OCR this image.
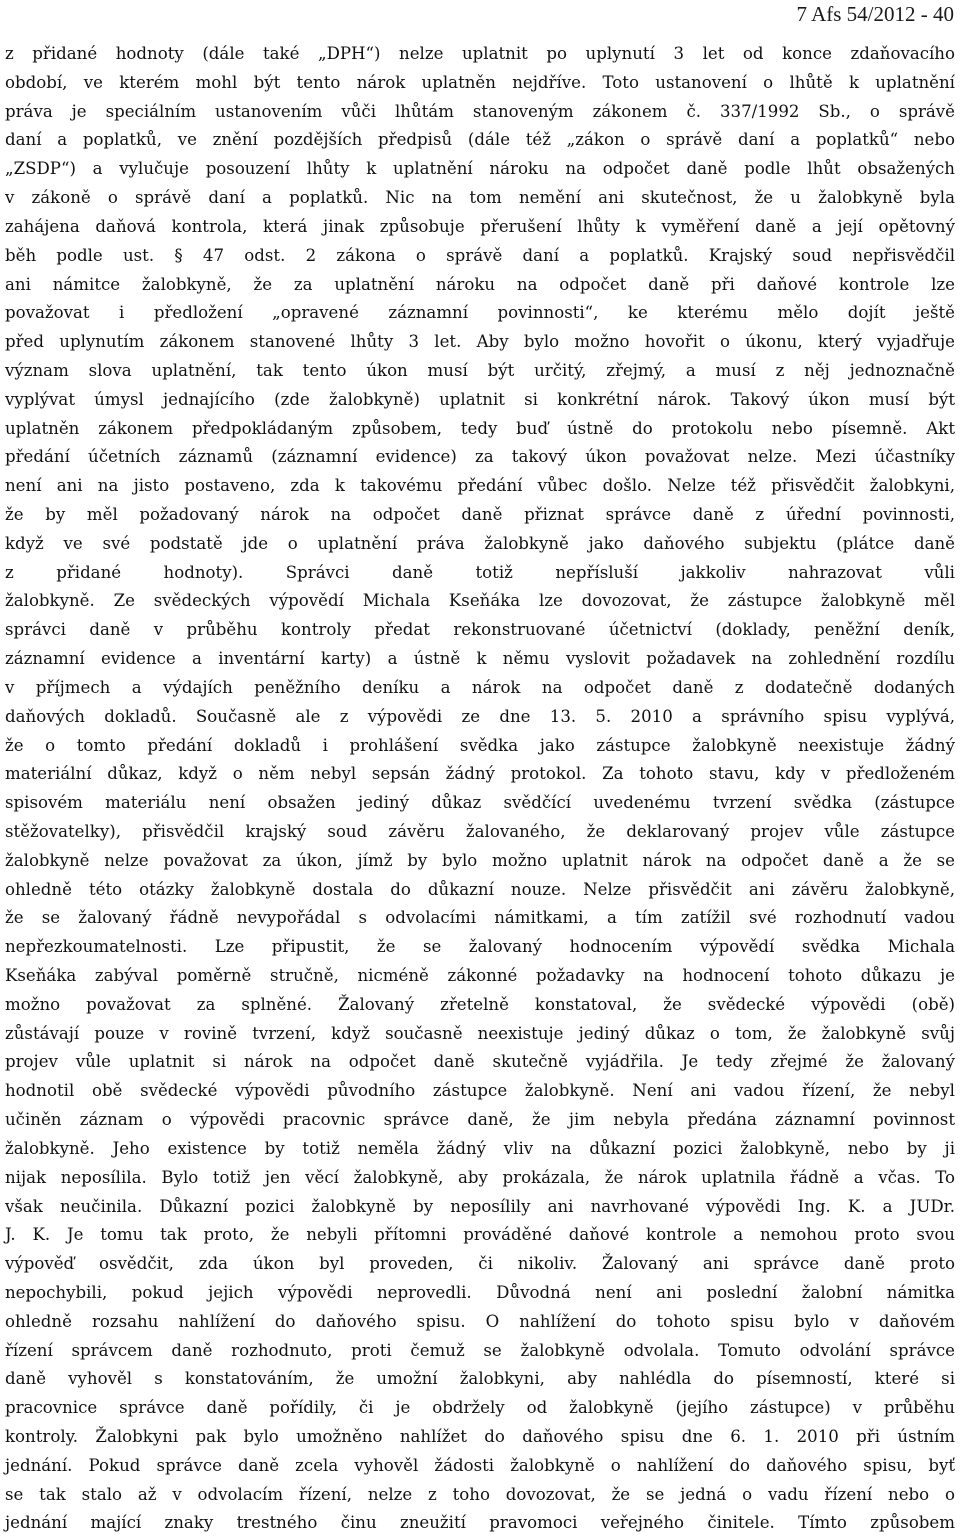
7 Afs 54/2012 - 40
z přidané hodnoty (dále také „DPH“) nelze uplatnit po uplynutí 3 let od konce zdaňovacího
období, ve kterém mohl být tento nárok uplatněn nejdříve. Toto ustanovení o lhůtě k uplatnění
práva je speciálním ustanovením vůči lhůtám stanoveným zákonem č. 337/1992 Sb., o správě
daní a poplatků, ve znění pozdějších předpisů (dále též „zákon o správě daní a poplatků“ nebo
„ZSDP“) a vylučuje posouzení lhůty k uplatnění nároku na odpočet daně podle lhůt obsažených
v zákoně o správě daní a poplatků. Nic na tom nemění ani skutečnost, že u žalobkyně byla
zahájena daňová kontrola, která jinak způsobuje přerušení lhůty k vyměření daně a její opětovný
běh podle ust. § 47 odst. 2 zákona o správě daní a poplatků. Krajský soud nepřisvědčil
ani námitce žalobkyně, že za uplatnění nároku na odpočet daně při daňové kontrole lze
považovat i předložení „opravené záznamní povinnosti“, ke kterému mělo dojít ještě
před uplynutím zákonem stanovené lhůty 3 let. Aby bylo možno hovořit o úkonu, který vyjadřuje
význam slova uplatnění, tak tento úkon musí být určitý, zřejmý, a musí z něj jednoznačně
vyplývat úmysl jednajícího (zde žalobkyně) uplatnit si konkrétní nárok. Takový úkon musí být
uplatněn zákonem předpokládaným způsobem, tedy buď ústně do protokolu nebo písemně. Akt
předání účetních záznamů (záznamní evidence) za takový úkon považovat nelze. Mezi účastníky
není ani na jisto postaveno, zda k takovému předání vůbec došlo. Nelze též přisvědčit žalobkyni,
že by měl požadovaný nárok na odpočet daně přiznat správce daně z úřední povinnosti,
když ve své podstatě jde o uplatnění práva žalobkyně jako daňového subjektu (plátce daně
z přidané hodnoty). Správci daně totiž nepřísluší jakkoliv nahrazovat vůli
žalobkyně. Ze svědeckých výpovědí Michala Kseňáka lze dovozovat, že zástupce žalobkyně měl
správci daně v průběhu kontroly předat rekonstruované účetnictví (doklady, peněžní deník,
záznamní evidence a inventární karty) a ústně k němu vyslovit požadavek na zohlednění rozdílu
v příjmech a výdajích peněžního deníku a nárok na odpočet daně z dodatečně dodaných
daňových dokladů. Současně ale z výpovědi ze dne 13. 5. 2010 a správního spisu vyplývá,
že o tomto předání dokladů i prohlášení svědka jako zástupce žalobkyně neexistuje žádný
materiální důkaz, když o něm nebyl sepsán žádný protokol. Za tohoto stavu, kdy v předloženém
spisovém materiálu není obsažen jediný důkaz svědčící uvedenému tvrzení svědka (zástupce
stěžovatelky), přisvědčil krajský soud závěru žalovaného, že deklarovaný projev vůle zástupce
žalobkyně nelze považovat za úkon, jímž by bylo možno uplatnit nárok na odpočet daně a že se
ohledně této otázky žalobkyně dostala do důkazní nouze. Nelze přisvědčit ani závěru žalobkyně,
že se žalovaný řádně nevypořádal s odvolacími námitkami, a tím zatížil své rozhodnutí vadou
nepřezkoumatelnosti. Lze připustit, že se žalovaný hodnocením výpovědí svědka Michala
Kseňáka zabýval poměrně stručně, nicméně zákonné požadavky na hodnocení tohoto důkazu je
možno považovat za splněné. Žalovaný zřetelně konstatoval, že svědecké výpovědi (obě)
zůstávají pouze v rovině tvrzení, když současně neexistuje jediný důkaz o tom, že žalobkyně svůj
projev vůle uplatnit si nárok na odpočet daně skutečně vyjádřila. Je tedy zřejmé že žalovaný
hodnotil obě svědecké výpovědi původního zástupce žalobkyně. Není ani vadou řízení, že nebyl
učiněn záznam o výpovědi pracovnic správce daně, že jim nebyla předána záznamní povinnost
žalobkyně. Jeho existence by totiž neměla žádný vliv na důkazní pozici žalobkyně, nebo by ji
nijak neposílila. Bylo totiž jen věcí žalobkyně, aby prokázala, že nárok uplatnila řádně a včas. To
však neučinila. Důkazní pozici žalobkyně by neposílily ani navrhované výpovědi Ing. K. a JUDr.
J. K. Je tomu tak proto, že nebyli přítomni prováděné daňové kontrole a nemohou proto svou
výpověď osvědčit, zda úkon byl proveden, či nikoliv. Žalovaný ani správce daně proto
nepochybili, pokud jejich výpovědi neprovedli. Důvodná není ani poslední žalobní námitka
ohledně rozsahu nahlížení do daňového spisu. O nahlížení do tohoto spisu bylo v daňovém
řízení správcem daně rozhodnuto, proti čemuž se žalobkyně odvolala. Tomuto odvolání správce
daně vyhověl s konstatováním, že umožní žalobkyni, aby nahlédla do písemností, které si
pracovnice správce daně pořídily, či je obdržely od žalobkyně (jejího zástupce) v průběhu
kontroly. Žalobkyni pak bylo umožněno nahlížet do daňového spisu dne 6. 1. 2010 při ústním
jednání. Pokud správce daně zcela vyhověl žádosti žalobkyně o nahlížení do daňového spisu, byť
se tak stalo až v odvolacím řízení, nelze z toho dovozovat, že se jedná o vadu řízení nebo o
jednání mající znaky trestného činu zneužití pravomoci veřejného činitele. Tímto způsobem
